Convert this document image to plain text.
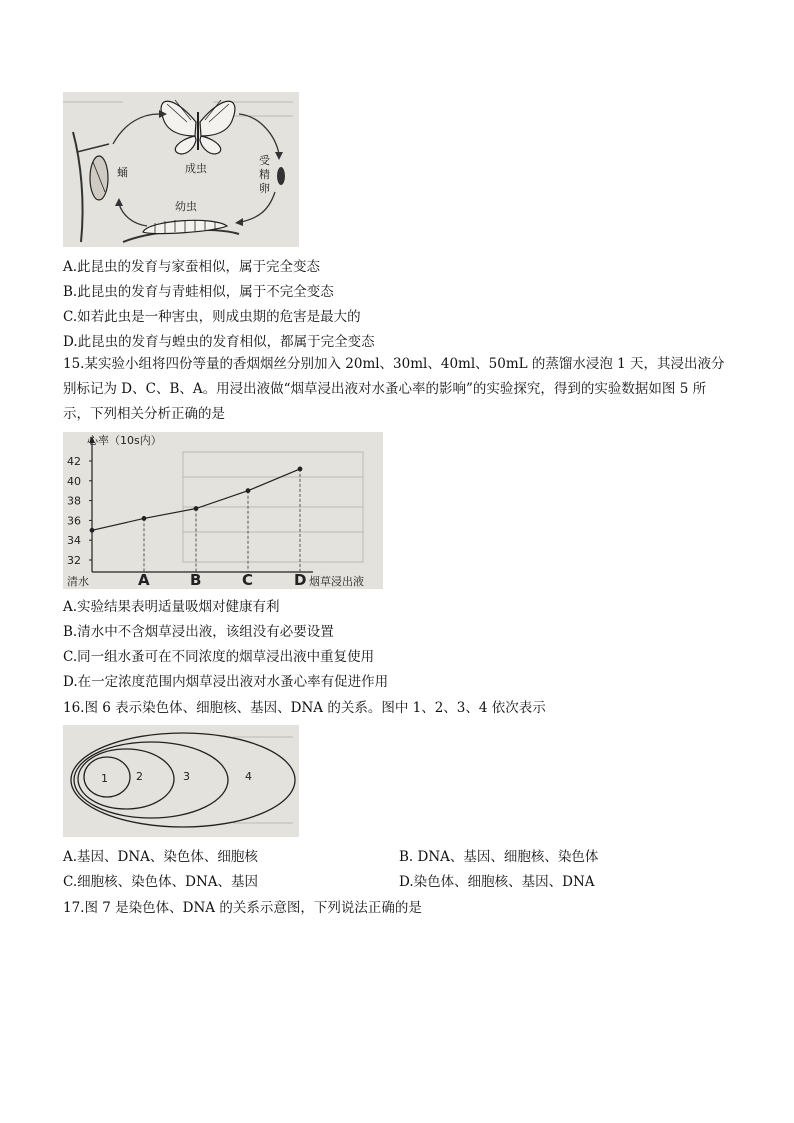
成虫
受
精
卵
蛹
幼虫
A.此昆虫的发育与家蚕相似，属于完全变态
B.此昆虫的发育与青蛙相似，属于不完全变态
C.如若此虫是一种害虫，则成虫期的危害是最大的
D.此昆虫的发育与蝗虫的发育相似，都属于完全变态
15.某实验小组将四份等量的香烟烟丝分别加入 20ml、30ml、40ml、50mL 的蒸馏水浸泡 1 天，其浸出液分别标记为 D、C、B、A。用浸出液做“烟草浸出液对水蚤心率的影响”的实验探究，得到的实验数据如图 5 所示，下列相关分析正确的是
心率（10s内）
烟草浸出液
32
34
36
38
40
42
清水	A	B	C	D
A.实验结果表明适量吸烟对健康有利
B.清水中不含烟草浸出液，该组没有必要设置
C.同一组水蚤可在不同浓度的烟草浸出液中重复使用
D.在一定浓度范围内烟草浸出液对水蚤心率有促进作用
16.图 6 表示染色体、细胞核、基因、DNA 的关系。图中 1、2、3、4 依次表示
1	2	3	4
A.基因、DNA、染色体、细胞核	B. DNA、基因、细胞核、染色体
C.细胞核、染色体、DNA、基因	D.染色体、细胞核、基因、DNA
17.图 7 是染色体、DNA 的关系示意图，下列说法正确的是
